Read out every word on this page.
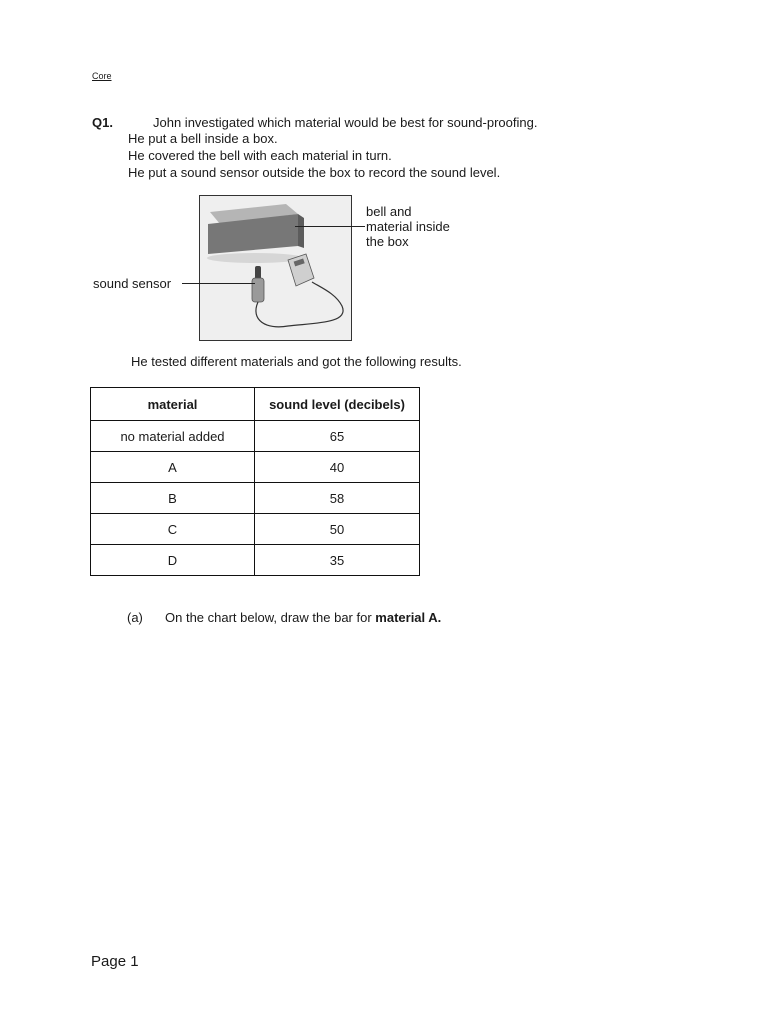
Core
Q1.	John investigated which material would be best for sound-proofing.
He put a bell inside a box.
He covered the bell with each material in turn.
He put a sound sensor outside the box to record the sound level.
bell and
material inside
the box
sound sensor
He tested different materials and got the following results.
material	sound level (decibels)
no material added	65
A	40
B	58
C	50
D	35
(a) On the chart below, draw the bar for material A.
Page 1
